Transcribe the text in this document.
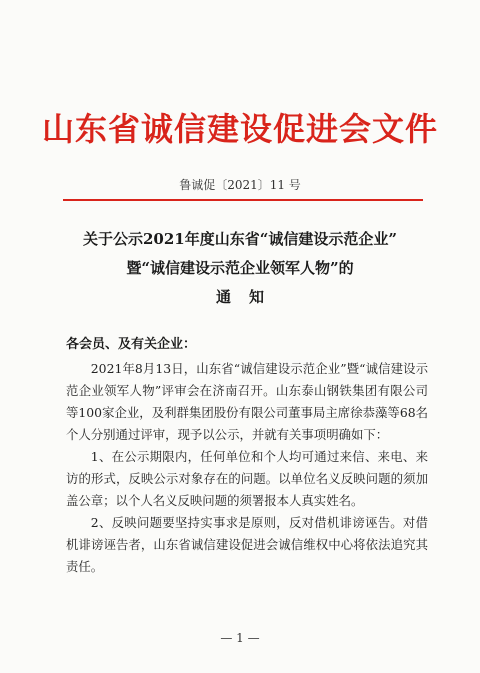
山东省诚信建设促进会文件
鲁诚促〔2021〕11 号
关于公示2021年度山东省“诚信建设示范企业”
暨“诚信建设示范企业领军人物”的
通知
各会员、及有关企业：

2021年8月13日，山东省“诚信建设示范企业”暨“诚信建设示范企业领军人物”评审会在济南召开。山东泰山钢铁集团有限公司等100家企业，及利群集团股份有限公司董事局主席徐恭藻等68名个人分别通过评审，现予以公示，并就有关事项明确如下：

1、在公示期限内，任何单位和个人均可通过来信、来电、来访的形式，反映公示对象存在的问题。以单位名义反映问题的须加盖公章；以个人名义反映问题的须署报本人真实姓名。

2、反映问题要坚持实事求是原则，反对借机诽谤诬告。对借机诽谤诬告者，山东省诚信建设促进会诚信维权中心将依法追究其责任。

— 1 —
